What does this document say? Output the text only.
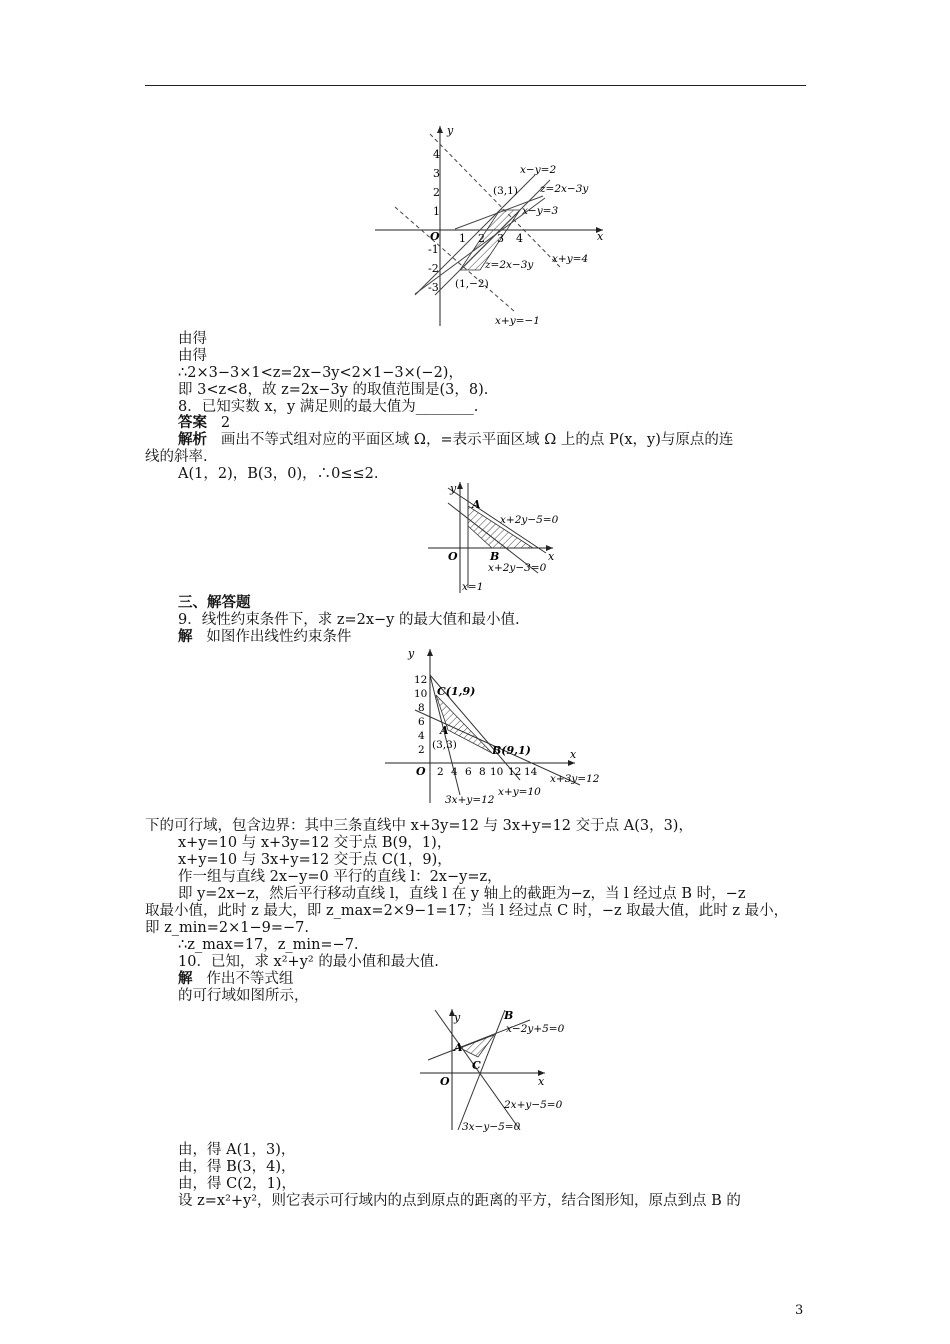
y
x
O
4
3
2
1
-1
-2
-3
1 2 3 4
x−y=2
(3,1) z=2x−3y
x−y=3
x+y=4
z=2x−3y
(1,−2)
x+y=−1
由得
由得
∴2×3−3×1<z=2x−3y<2×1−3×(−2)，
即 3<z<8，故 z=2x−3y 的取值范围是(3，8).
8．已知实数 x，y 满足则的最大值为________.
答案 2
解析 画出不等式组对应的平面区域 Ω，=表示平面区域 Ω 上的点 P(x，y)与原点的连
线的斜率.
A(1，2)，B(3，0)，∴0≤≤2.
y
x
O
A
B
x+2y−5=0
x+2y−3=0
x=1
三、解答题
9．线性约束条件下，求 z=2x−y 的最大值和最小值.
解 如图作出线性约束条件
y
x
O
12
10
8
6
4
2
2 4 6 8 10 12 14
C(1,9)
A
(3,3)	B(9,1)
x+3y=12
x+y=10
3x+y=12
下的可行域，包含边界：其中三条直线中 x+3y=12 与 3x+y=12 交于点 A(3，3)，
x+y=10 与 x+3y=12 交于点 B(9，1)，
x+y=10 与 3x+y=12 交于点 C(1，9)，
作一组与直线 2x−y=0 平行的直线 l：2x−y=z，
即 y=2x−z，然后平行移动直线 l，直线 l 在 y 轴上的截距为−z，当 l 经过点 B 时，−z
取最小值，此时 z 最大，即 z_max=2×9−1=17；当 l 经过点 C 时，−z 取最大值，此时 z 最小，
即 z_min=2×1−9=−7.
∴z_max=17，z_min=−7.
10．已知，求 x²+y² 的最小值和最大值.
解 作出不等式组
的可行域如图所示，
y
x
O
A
B
C
x−2y+5=0
2x+y−5=0
3x−y−5=0
由，得 A(1，3)，
由，得 B(3，4)，
由，得 C(2，1)，
设 z=x²+y²，则它表示可行域内的点到原点的距离的平方，结合图形知，原点到点 B 的
3
